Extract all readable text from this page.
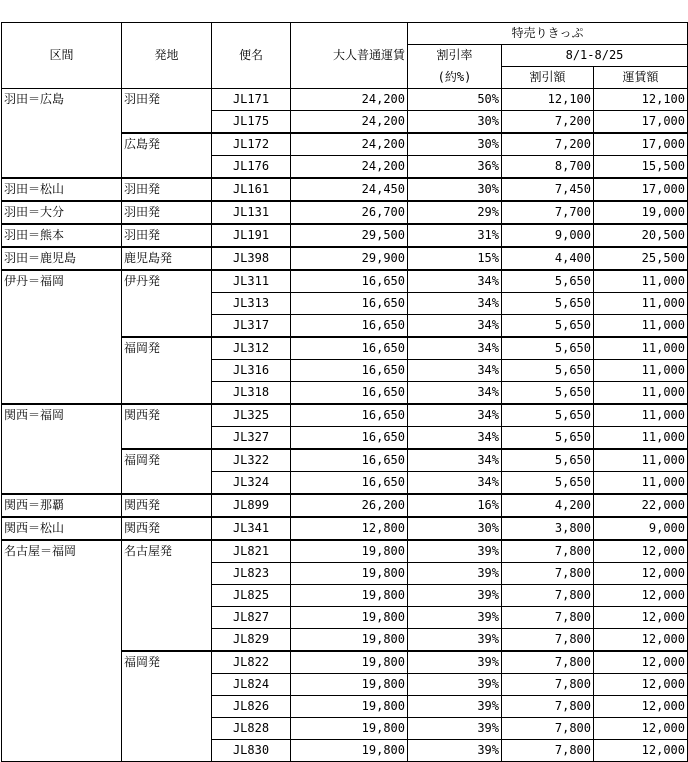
区間	発地	便名	大人普通運賃	特売りきっぷ		
				割引率	8/1-8/25	
				(約%)	割引額	運賃額
羽田＝広島	羽田発	JL171	24,200	50%	12,100	12,100
		JL175	24,200	30%	7,200	17,000
	広島発	JL172	24,200	30%	7,200	17,000
		JL176	24,200	36%	8,700	15,500
羽田＝松山	羽田発	JL161	24,450	30%	7,450	17,000
羽田＝大分	羽田発	JL131	26,700	29%	7,700	19,000
羽田＝熊本	羽田発	JL191	29,500	31%	9,000	20,500
羽田＝鹿児島	鹿児島発	JL398	29,900	15%	4,400	25,500
伊丹＝福岡	伊丹発	JL311	16,650	34%	5,650	11,000
		JL313	16,650	34%	5,650	11,000
		JL317	16,650	34%	5,650	11,000
	福岡発	JL312	16,650	34%	5,650	11,000
		JL316	16,650	34%	5,650	11,000
		JL318	16,650	34%	5,650	11,000
関西＝福岡	関西発	JL325	16,650	34%	5,650	11,000
		JL327	16,650	34%	5,650	11,000
	福岡発	JL322	16,650	34%	5,650	11,000
		JL324	16,650	34%	5,650	11,000
関西＝那覇	関西発	JL899	26,200	16%	4,200	22,000
関西＝松山	関西発	JL341	12,800	30%	3,800	9,000
名古屋＝福岡	名古屋発	JL821	19,800	39%	7,800	12,000
		JL823	19,800	39%	7,800	12,000
		JL825	19,800	39%	7,800	12,000
		JL827	19,800	39%	7,800	12,000
		JL829	19,800	39%	7,800	12,000
	福岡発	JL822	19,800	39%	7,800	12,000
		JL824	19,800	39%	7,800	12,000
		JL826	19,800	39%	7,800	12,000
		JL828	19,800	39%	7,800	12,000
		JL830	19,800	39%	7,800	12,000
